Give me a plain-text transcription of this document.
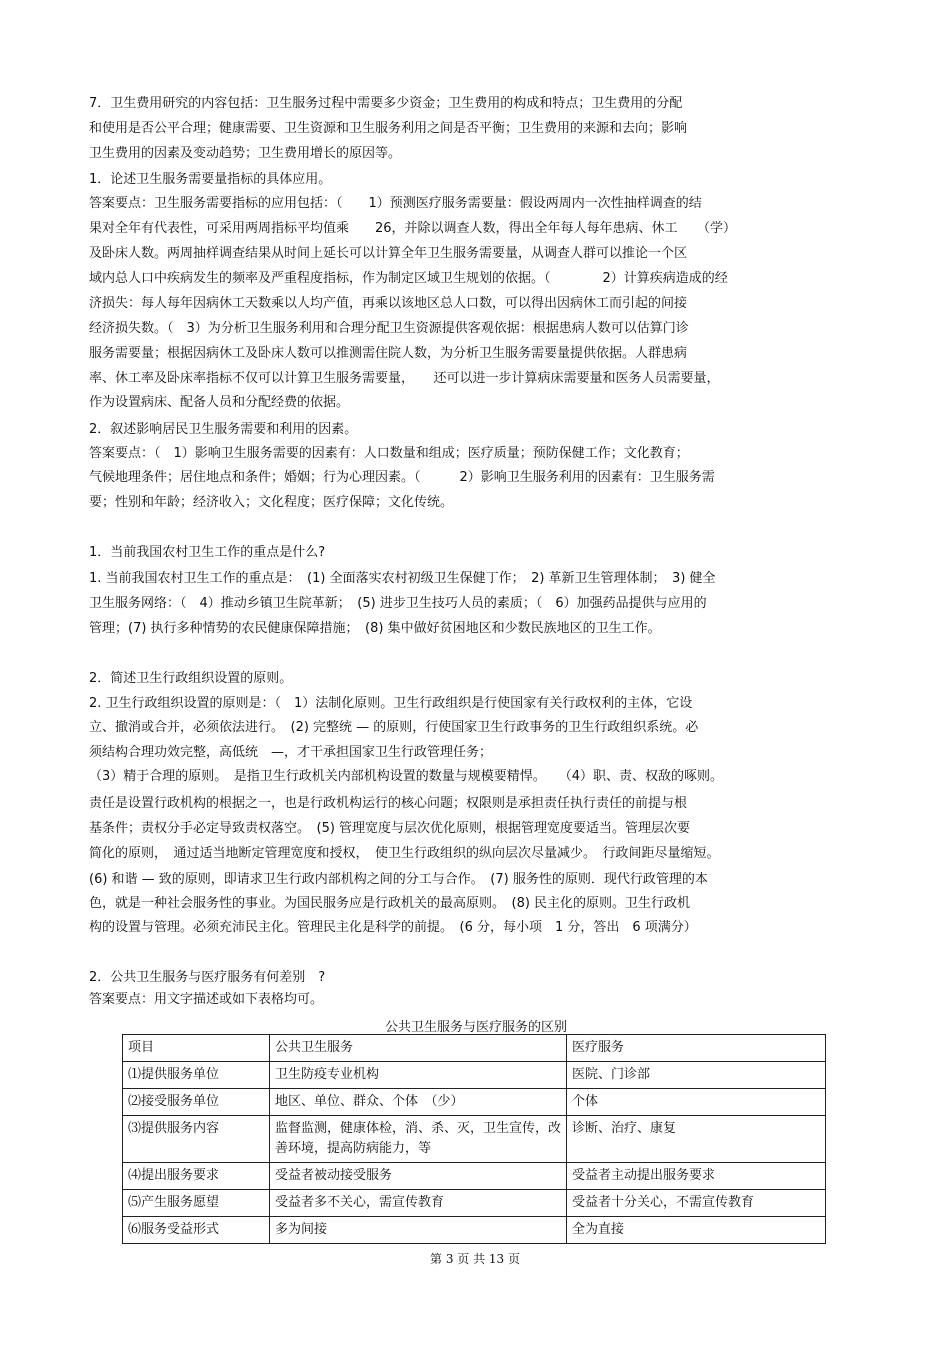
7．卫生费用研究的内容包括：卫生服务过程中需要多少资金；卫生费用的构成和特点；卫生费用的分配
和使用是否公平合理；健康需要、卫生资源和卫生服务利用之间是否平衡；卫生费用的来源和去向；影响
卫生费用的因素及变动趋势；卫生费用增长的原因等。
1．论述卫生服务需要量指标的具体应用。
答案要点：卫生服务需要指标的应用包括：（　　1）预测医疗服务需要量：假设两周内一次性抽样调查的结
果对全年有代表性，可采用两周指标平均值乘　　26，并除以调查人数，得出全年每人每年患病、休工　　（学）
及卧床人数。两周抽样调查结果从时间上延长可以计算全年卫生服务需要量，从调查人群可以推论一个区
域内总人口中疾病发生的频率及严重程度指标，作为制定区域卫生规划的依据。（　　　　2）计算疾病造成的经
济损失：每人每年因病休工天数乘以人均产值，再乘以该地区总人口数，可以得出因病休工而引起的间接
经济损失数。（　3）为分析卫生服务利用和合理分配卫生资源提供客观依据：根据患病人数可以估算门诊
服务需要量；根据因病休工及卧床人数可以推测需住院人数，为分析卫生服务需要量提供依据。人群患病
率、休工率及卧床率指标不仅可以计算卫生服务需要量，　　还可以进一步计算病床需要量和医务人员需要量，
作为设置病床、配备人员和分配经费的依据。
2．叙述影响居民卫生服务需要和利用的因素。
答案要点：（　1）影响卫生服务需要的因素有：人口数量和组成；医疗质量；预防保健工作；文化教育；
气候地理条件；居住地点和条件；婚姻；行为心理因素。（　　　2）影响卫生服务利用的因素有：卫生服务需
要；性别和年龄；经济收入；文化程度；医疗保障；文化传统。
1．当前我国农村卫生工作的重点是什么?
1. 当前我国农村卫生工作的重点是：　(1) 全面落实农村初级卫生保健丁作；　2) 革新卫生管理体制；　3) 健全
卫生服务网络：（　4）推动乡镇卫生院革新；　(5) 进步卫生技巧人员的素质；（　6）加强药品提供与应用的
管理；(7) 执行多种情势的农民健康保障措施；　(8) 集中做好贫困地区和少数民族地区的卫生工作。
2．简述卫生行政组织设置的原则。
2. 卫生行政组织设置的原则是：（　1）法制化原则。卫生行政组织是行使国家有关行政权利的主体，它设
立、撤消或合并，必须依法进行。　(2) 完整统 — 的原则，行使国家卫生行政事务的卫生行政组织系统。必
须结构合理功效完整，高低统　—，才干承担国家卫生行政管理任务；
（3）精于合理的原则。　是指卫生行政机关内部机构设置的数量与规模要精悍。　　（4）职、责、权敌的啄则。
责任是设置行政机构的根据之一，也是行政机构运行的核心问题；权限则是承担责任执行责任的前提与根
基条件；责权分手必定导致责权落空。　(5) 管理宽度与层次优化原则，根据管理宽度要适当。管理层次要
简化的原则，　通过适当地断定管理宽度和授权，　使卫生行政组织的纵向层次尽量减少。　行政间距尽量缩短。
(6) 和谐 — 致的原则，即请求卫生行政内部机构之间的分工与合作。　(7) 服务性的原则．现代行政管理的本
色，就是一种社会服务性的事业。为国民服务应是行政机关的最高原则。　(8) 民主化的原则。卫生行政机
构的设置与管理。必须充沛民主化。管理民主化是科学的前提。　(6 分，每小项　1 分，答出　6 项满分）
2．公共卫生服务与医疗服务有何差别　?
答案要点：用文字描述或如下表格均可。
公共卫生服务与医疗服务的区别
项目	公共卫生服务	医疗服务
⑴提供服务单位	卫生防疫专业机构	医院、门诊部
⑵接受服务单位	地区、单位、群众、个体　（少）	个体
⑶提供服务内容	监督监测，健康体检，消、杀、灭，卫生宣传，改善环境，提高防病能力，等	诊断、治疗、康复
⑷提出服务要求	受益者被动接受服务	受益者主动提出服务要求
⑸产生服务愿望	受益者多不关心，需宣传教育	受益者十分关心，不需宣传教育
⑹服务受益形式	多为间接	全为直接
第 3 页 共 13 页
